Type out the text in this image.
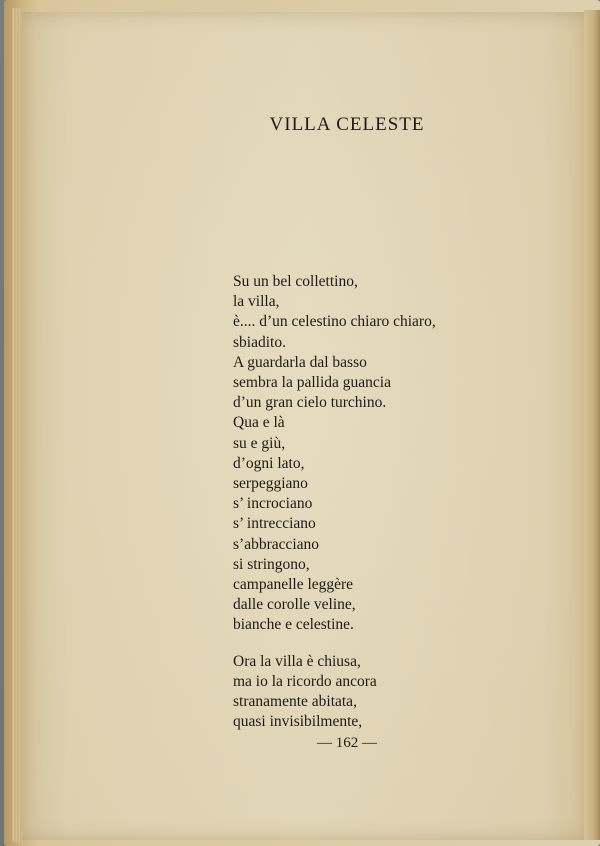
VILLA CELESTE
Su un bel collettino,
la villa,
è.... d’un celestino chiaro chiaro,
sbiadito.
A guardarla dal basso
sembra la pallida guancia
d’un gran cielo turchino.
Qua e là
su e giù,
d’ogni lato,
serpeggiano
s’ incrociano
s’ intrecciano
s’abbracciano
si stringono,
campanelle leggère
dalle corolle veline,
bianche e celestine.
Ora la villa è chiusa,
ma io la ricordo ancora
stranamente abitata,
quasi invisibilmente,
— 162 —
